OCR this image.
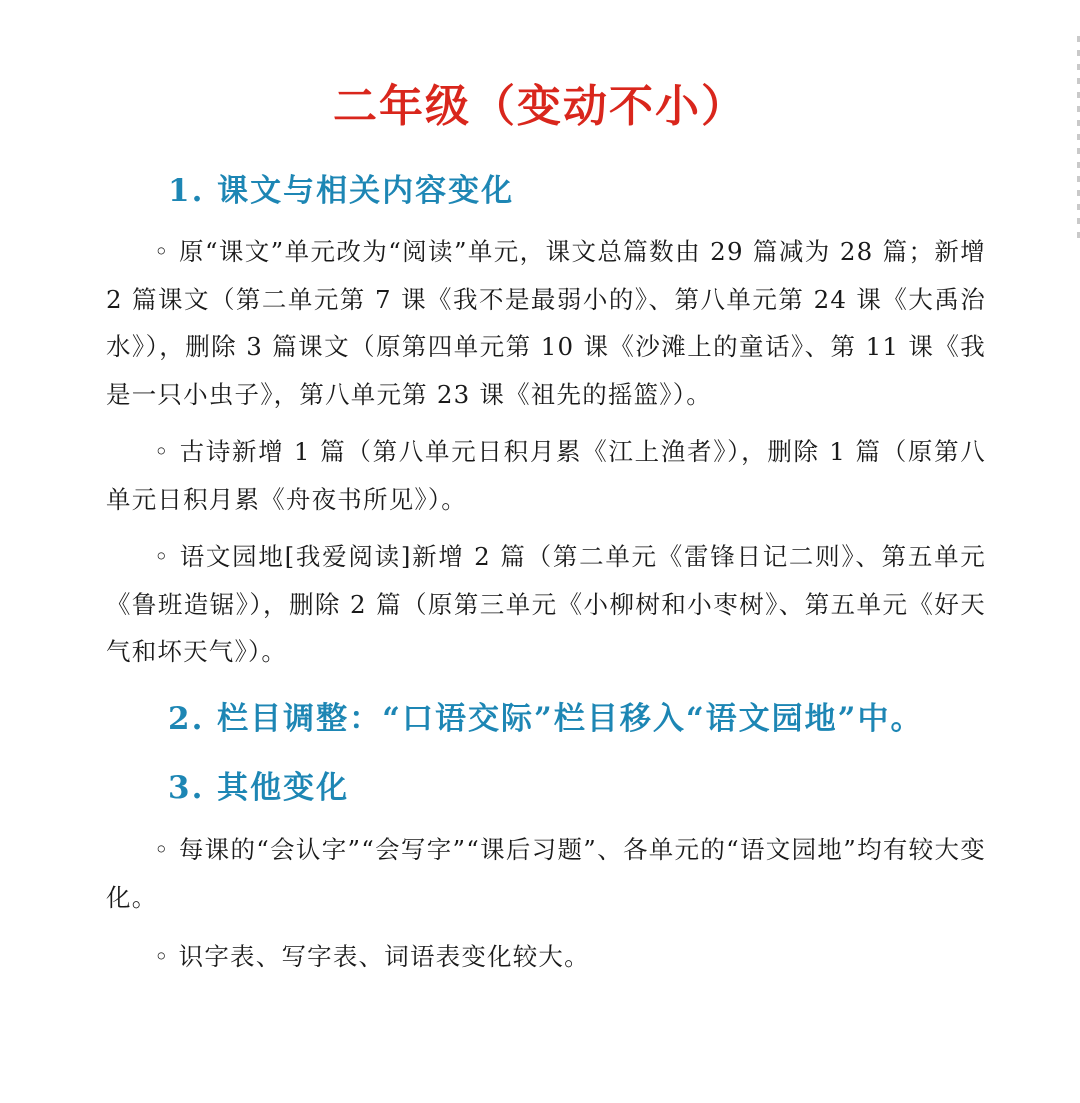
二年级（变动不小）
1. 课文与相关内容变化
◦ 原“课文”单元改为“阅读”单元，课文总篇数由 29 篇减为 28 篇；新增 2 篇课文（第二单元第 7 课《我不是最弱小的》、第八单元第 24 课《大禹治水》），删除 3 篇课文（原第四单元第 10 课《沙滩上的童话》、第 11 课《我是一只小虫子》，第八单元第 23 课《祖先的摇篮》）。
◦ 古诗新增 1 篇（第八单元日积月累《江上渔者》），删除 1 篇（原第八单元日积月累《舟夜书所见》）。
◦ 语文园地[我爱阅读]新增 2 篇（第二单元《雷锋日记二则》、第五单元《鲁班造锯》），删除 2 篇（原第三单元《小柳树和小枣树》、第五单元《好天气和坏天气》）。
2. 栏目调整：“口语交际”栏目移入“语文园地”中。
3. 其他变化
◦ 每课的“会认字”“会写字”“课后习题”、各单元的“语文园地”均有较大变化。
◦ 识字表、写字表、词语表变化较大。
